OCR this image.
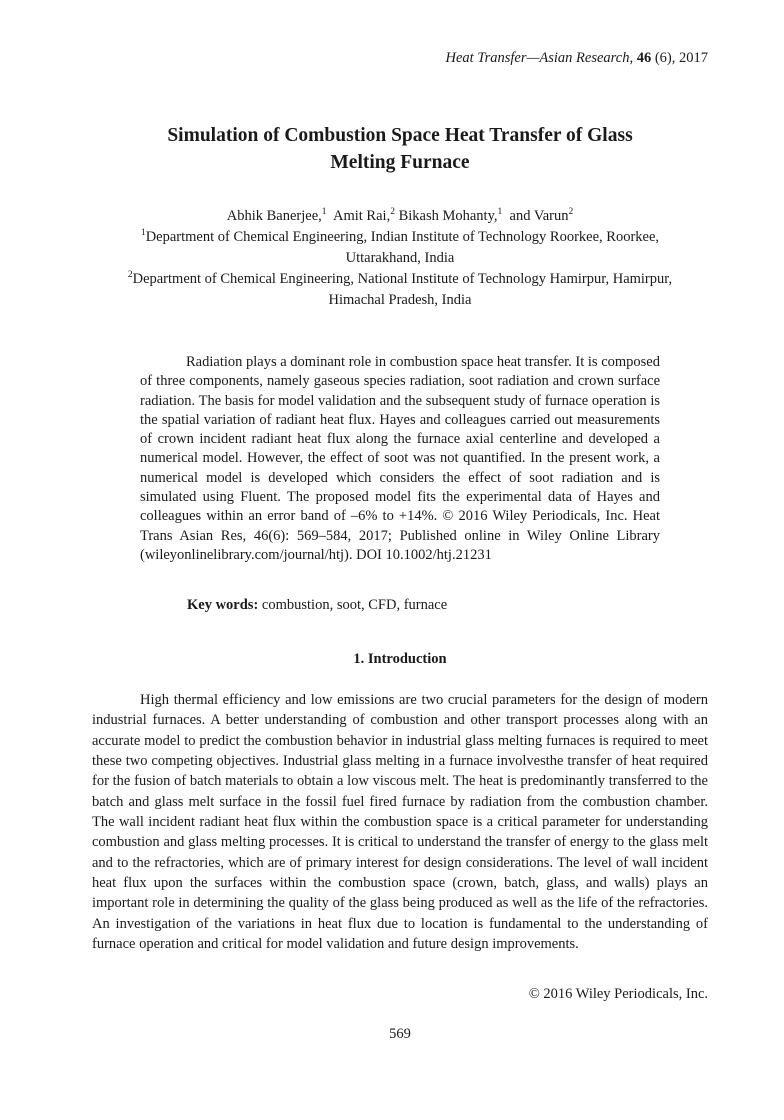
Heat Transfer—Asian Research, 46 (6), 2017
Simulation of Combustion Space Heat Transfer of Glass
Melting Furnace
Abhik Banerjee,$^1$ Amit Rai,$^2$ Bikash Mohanty,$^1$ and Varun$^2$
$^1$Department of Chemical Engineering, Indian Institute of Technology Roorkee, Roorkee,
Uttarakhand, India
$^2$Department of Chemical Engineering, National Institute of Technology Hamirpur, Hamirpur,
Himachal Pradesh, India
Radiation plays a dominant role in combustion space heat transfer. It is composed of three components, namely gaseous species radiation, soot radiation and crown surface radiation. The basis for model validation and the subsequent study of furnace operation is the spatial variation of radiant heat flux. Hayes and colleagues carried out measurements of crown incident radiant heat flux along the furnace axial centerline and developed a numerical model. However, the effect of soot was not quantified. In the present work, a numerical model is developed which considers the effect of soot radiation and is simulated using Fluent. The proposed model fits the experimental data of Hayes and colleagues within an error band of –6% to +14%. © 2016 Wiley Periodicals, Inc. Heat Trans Asian Res, 46(6): 569–584, 2017; Published online in Wiley Online Library (wileyonlinelibrary.com/journal/htj). DOI 10.1002/htj.21231
Key words: combustion, soot, CFD, furnace
1. Introduction
High thermal efficiency and low emissions are two crucial parameters for the design of modern industrial furnaces. A better understanding of combustion and other transport processes along with an accurate model to predict the combustion behavior in industrial glass melting furnaces is required to meet these two competing objectives. Industrial glass melting in a furnace involvesthe transfer of heat required for the fusion of batch materials to obtain a low viscous melt. The heat is predominantly transferred to the batch and glass melt surface in the fossil fuel fired furnace by radiation from the combustion chamber. The wall incident radiant heat flux within the combustion space is a critical parameter for understanding combustion and glass melting processes. It is critical to understand the transfer of energy to the glass melt and to the refractories, which are of primary interest for design considerations. The level of wall incident heat flux upon the surfaces within the combustion space (crown, batch, glass, and walls) plays an important role in determining the quality of the glass being produced as well as the life of the refractories. An investigation of the variations in heat flux due to location is fundamental to the understanding of furnace operation and critical for model validation and future design improvements.
© 2016 Wiley Periodicals, Inc.
569
